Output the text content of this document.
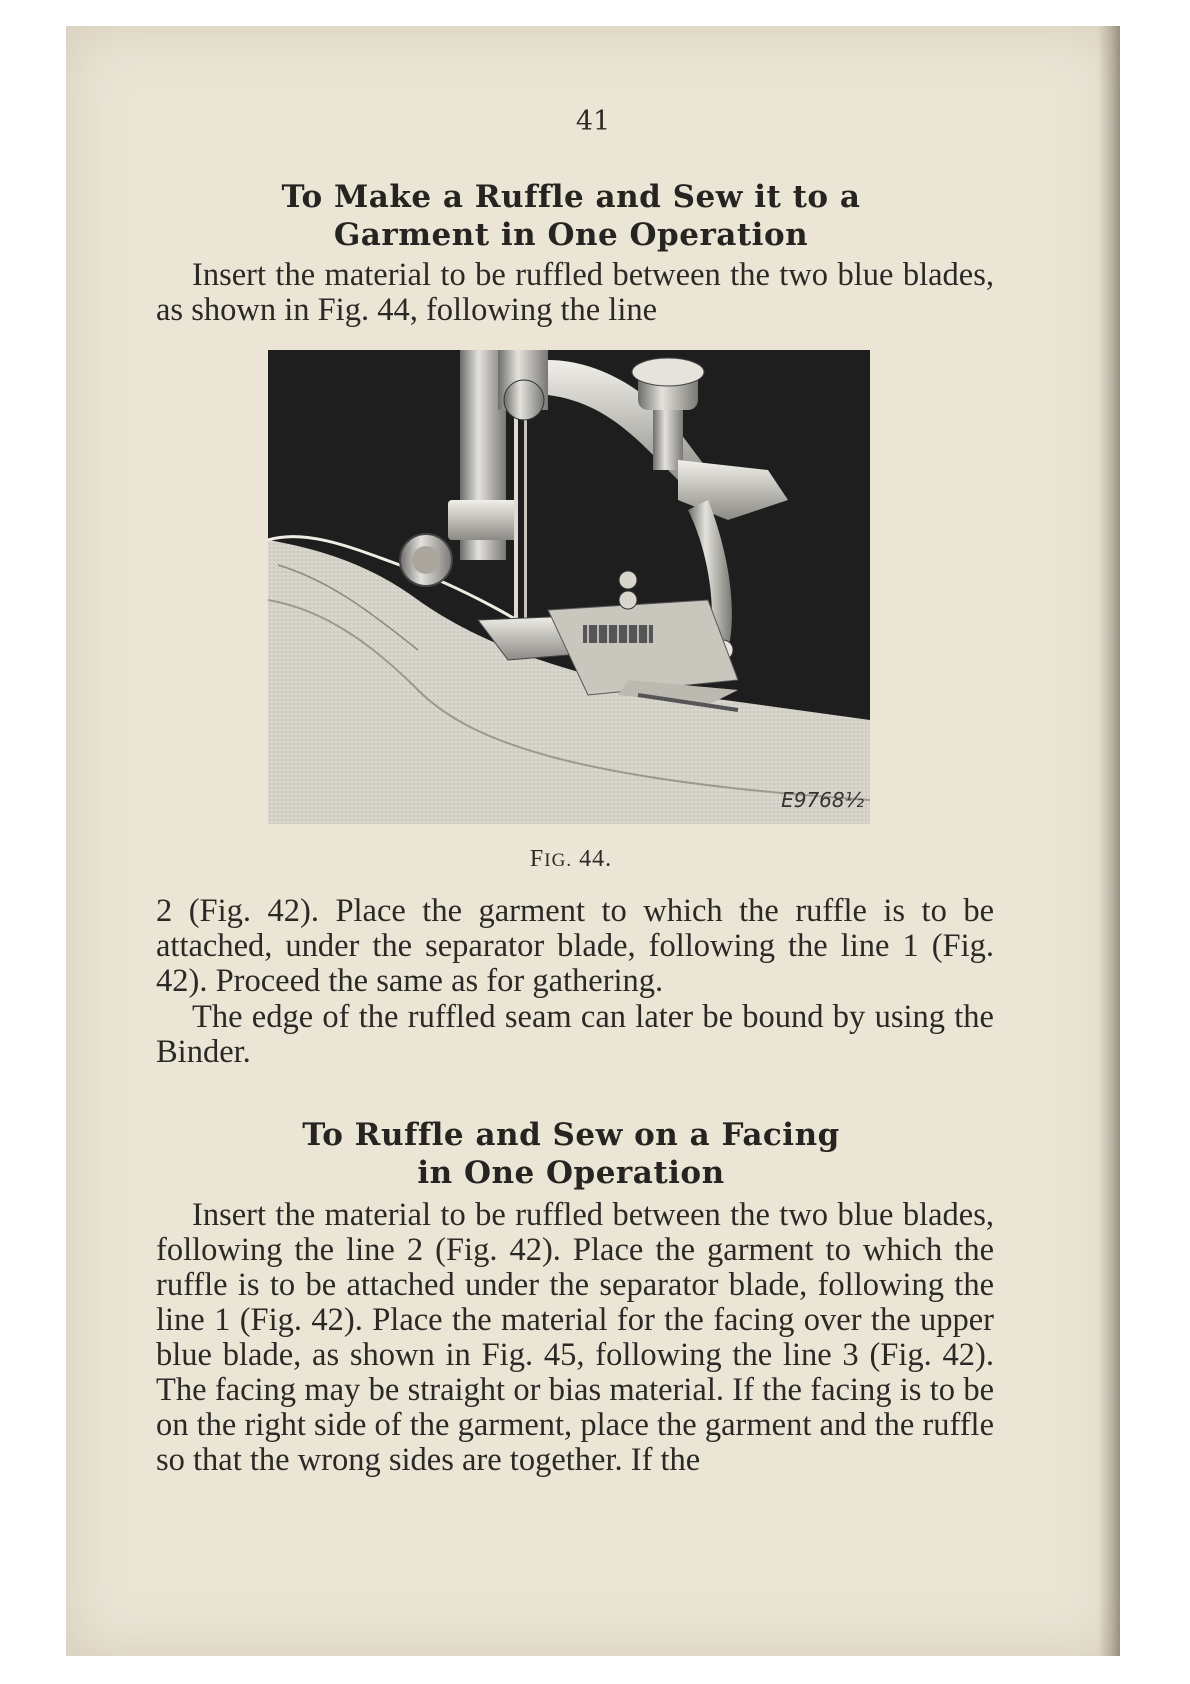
41
To Make a Ruffle and Sew it to a
Garment in One Operation

Insert the material to be ruffled between the two blue blades, as shown in Fig. 44, following the line

E9768½
FIG. 44.

2 (Fig. 42). Place the garment to which the ruffle is to be attached, under the separator blade, following the line 1 (Fig. 42). Proceed the same as for gathering.

The edge of the ruffled seam can later be bound by using the Binder.

To Ruffle and Sew on a Facing
in One Operation

Insert the material to be ruffled between the two blue blades, following the line 2 (Fig. 42). Place the garment to which the ruffle is to be attached under the separator blade, following the line 1 (Fig. 42). Place the material for the facing over the upper blue blade, as shown in Fig. 45, following the line 3 (Fig. 42). The facing may be straight or bias material. If the facing is to be on the right side of the garment, place the garment and the ruffle so that the wrong sides are together. If the
